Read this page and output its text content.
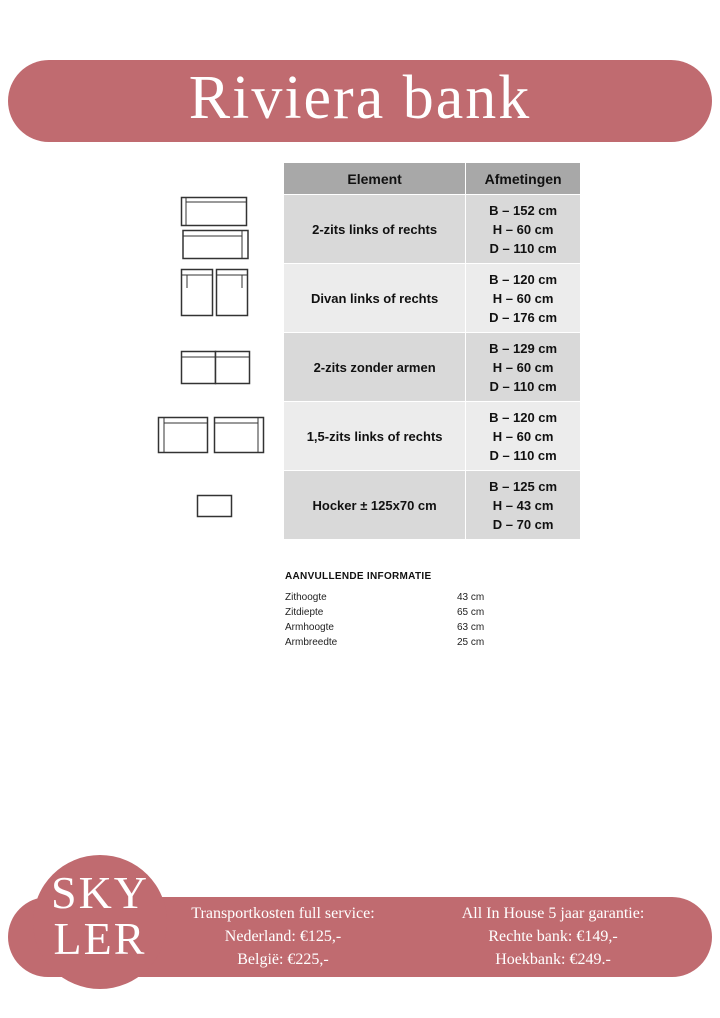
Riviera bank
Element	Afmetingen
2-zits links of rechts	B – 152 cm
H – 60 cm
D – 110 cm

Divan links of rechts	B – 120 cm
H – 60 cm
D – 176 cm

2-zits zonder armen	B – 129 cm
H – 60 cm
D – 110 cm

1,5-zits links of rechts	B – 120 cm
H – 60 cm
D – 110 cm

Hocker ± 125x70 cm	B – 125 cm
H – 43 cm
D – 70 cm
AANVULLENDE INFORMATIE
Zithoogte	43 cm
Zitdiepte	65 cm
Armhoogte	63 cm
Armbreedte	25 cm
SKY
LER	Transportkosten full service:
Nederland: €125,-
België: €225,-
All In House 5 jaar garantie:
Rechte bank: €149,-
Hoekbank: €249.-
